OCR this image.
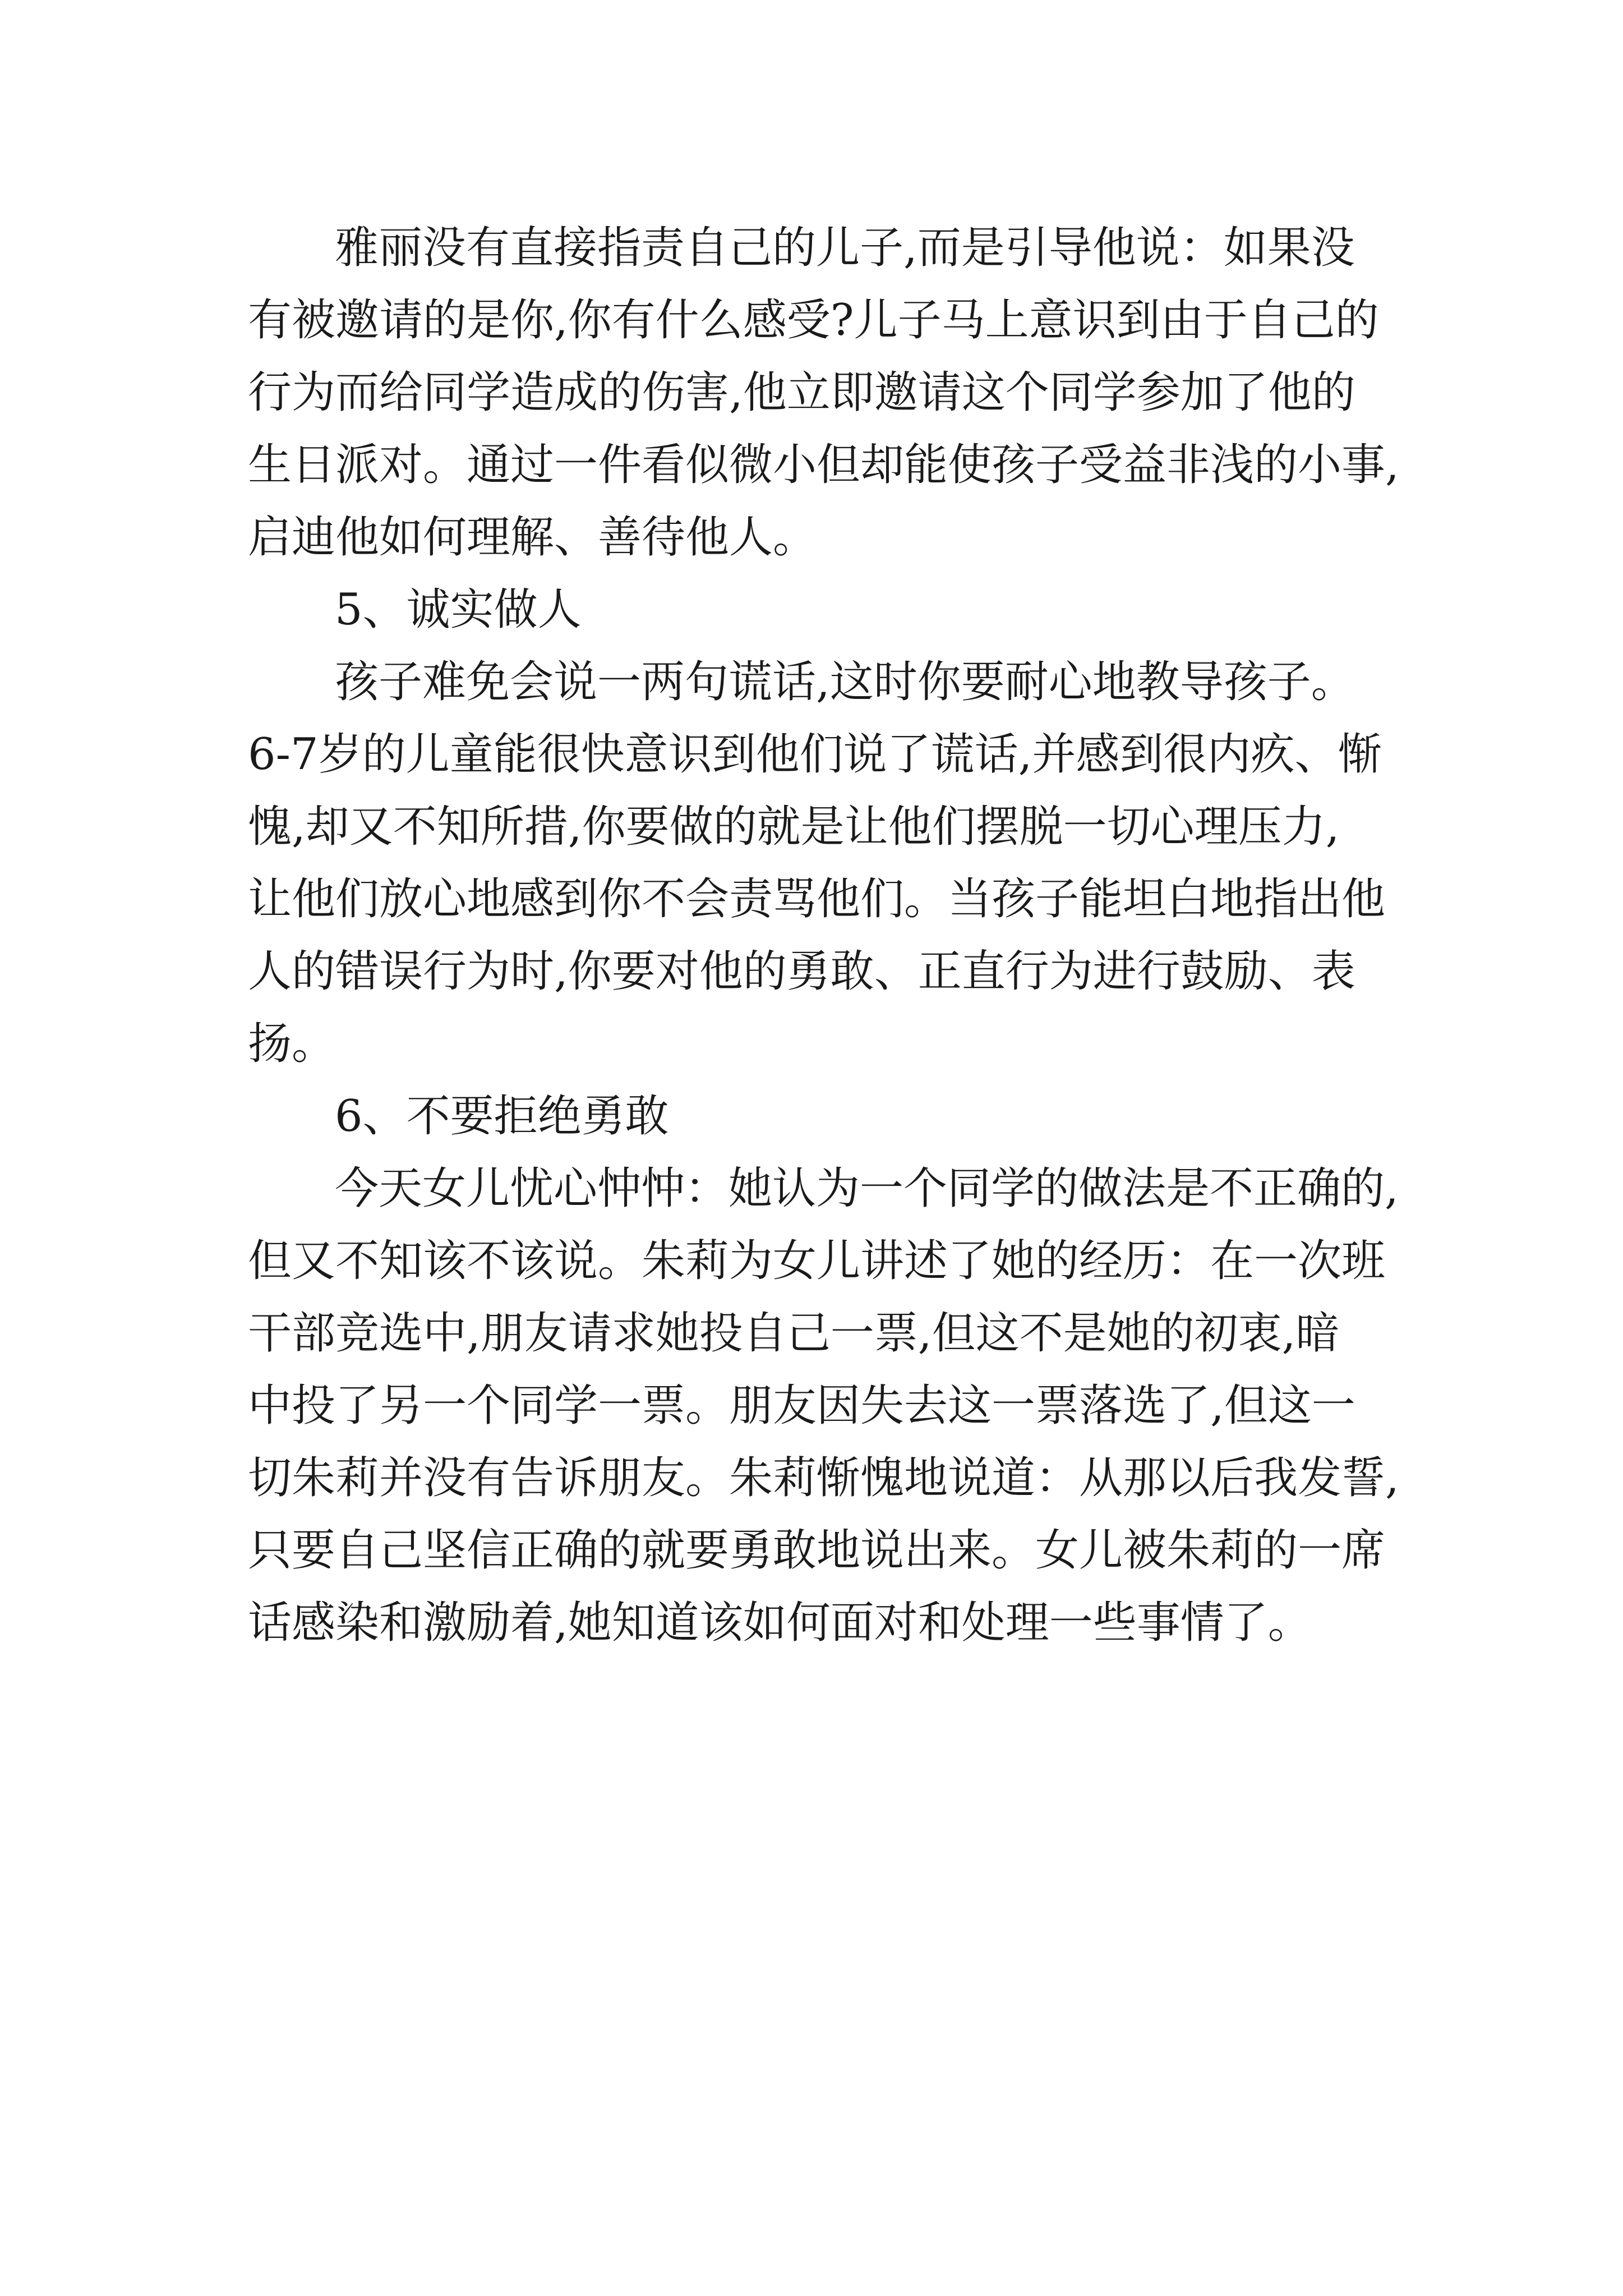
雅丽没有直接指责自己的儿子,而是引导他说：如果没

有被邀请的是你,你有什么感受?儿子马上意识到由于自己的

行为而给同学造成的伤害,他立即邀请这个同学参加了他的

生日派对。通过一件看似微小但却能使孩子受益非浅的小事,

启迪他如何理解、善待他人。

5、诚实做人

孩子难免会说一两句谎话,这时你要耐心地教导孩子。

6-7岁的儿童能很快意识到他们说了谎话,并感到很内疚、惭

愧,却又不知所措,你要做的就是让他们摆脱一切心理压力,

让他们放心地感到你不会责骂他们。当孩子能坦白地指出他

人的错误行为时,你要对他的勇敢、正直行为进行鼓励、表

扬。

6、不要拒绝勇敢

今天女儿忧心忡忡：她认为一个同学的做法是不正确的,

但又不知该不该说。朱莉为女儿讲述了她的经历：在一次班

干部竞选中,朋友请求她投自己一票,但这不是她的初衷,暗

中投了另一个同学一票。朋友因失去这一票落选了,但这一

切朱莉并没有告诉朋友。朱莉惭愧地说道：从那以后我发誓,

只要自己坚信正确的就要勇敢地说出来。女儿被朱莉的一席

话感染和激励着,她知道该如何面对和处理一些事情了。
